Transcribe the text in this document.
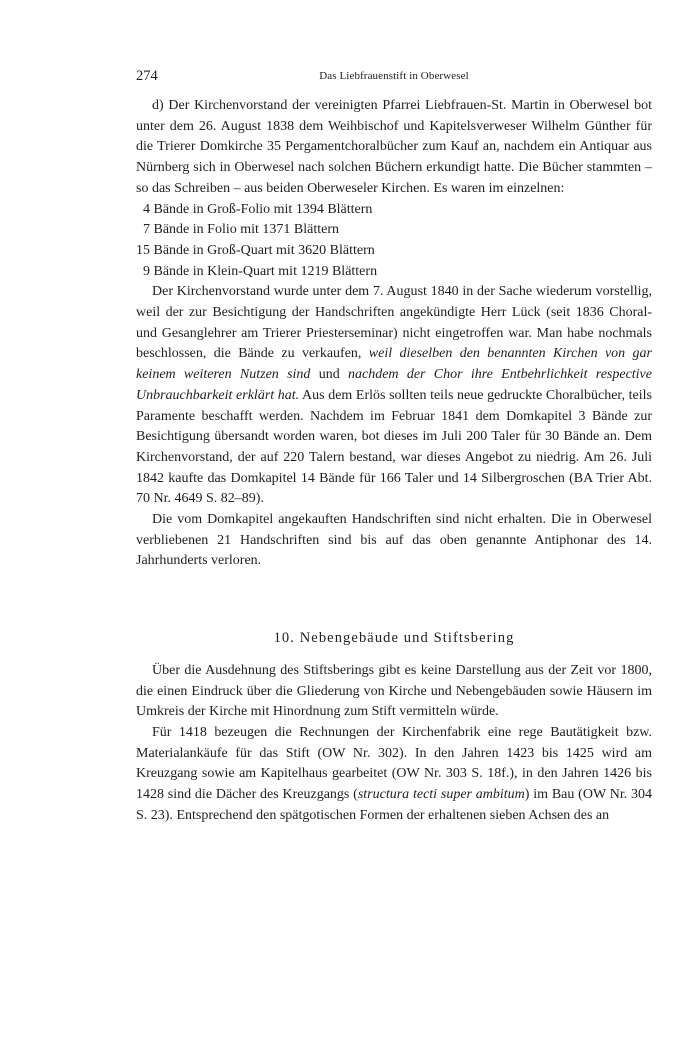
274	Das Liebfrauenstift in Oberwesel

d) Der Kirchenvorstand der vereinigten Pfarrei Liebfrauen-St. Martin in Oberwesel bot unter dem 26. August 1838 dem Weihbischof und Kapitelsverweser Wilhelm Günther für die Trierer Domkirche 35 Pergamentchoralbücher zum Kauf an, nachdem ein Antiquar aus Nürnberg sich in Oberwesel nach solchen Büchern erkundigt hatte. Die Bücher stammten – so das Schreiben – aus beiden Oberweseler Kirchen. Es waren im einzelnen:

4 Bände in Groß-Folio mit 1394 Blättern
7 Bände in Folio mit 1371 Blättern
15 Bände in Groß-Quart mit 3620 Blättern
9 Bände in Klein-Quart mit 1219 Blättern

Der Kirchenvorstand wurde unter dem 7. August 1840 in der Sache wiederum vorstellig, weil der zur Besichtigung der Handschriften angekündigte Herr Lück (seit 1836 Choral- und Gesanglehrer am Trierer Priesterseminar) nicht eingetroffen war. Man habe nochmals beschlossen, die Bände zu verkaufen, weil dieselben den benannten Kirchen von gar keinem weiteren Nutzen sind und nachdem der Chor ihre Entbehrlichkeit respective Unbrauchbarkeit erklärt hat. Aus dem Erlös sollten teils neue gedruckte Choralbücher, teils Paramente beschafft werden. Nachdem im Februar 1841 dem Domkapitel 3 Bände zur Besichtigung übersandt worden waren, bot dieses im Juli 200 Taler für 30 Bände an. Dem Kirchenvorstand, der auf 220 Talern bestand, war dieses Angebot zu niedrig. Am 26. Juli 1842 kaufte das Domkapitel 14 Bände für 166 Taler und 14 Silbergroschen (BA Trier Abt. 70 Nr. 4649 S. 82–89).

Die vom Domkapitel angekauften Handschriften sind nicht erhalten. Die in Oberwesel verbliebenen 21 Handschriften sind bis auf das oben genannte Antiphonar des 14. Jahrhunderts verloren.

10. Nebengebäude und Stiftsbering

Über die Ausdehnung des Stiftsberings gibt es keine Darstellung aus der Zeit vor 1800, die einen Eindruck über die Gliederung von Kirche und Nebengebäuden sowie Häusern im Umkreis der Kirche mit Hinordnung zum Stift vermitteln würde.

Für 1418 bezeugen die Rechnungen der Kirchenfabrik eine rege Bautätigkeit bzw. Materialankäufe für das Stift (OW Nr. 302). In den Jahren 1423 bis 1425 wird am Kreuzgang sowie am Kapitelhaus gearbeitet (OW Nr. 303 S. 18f.), in den Jahren 1426 bis 1428 sind die Dächer des Kreuzgangs (structura tecti super ambitum) im Bau (OW Nr. 304 S. 23). Entsprechend den spätgotischen Formen der erhaltenen sieben Achsen des an
